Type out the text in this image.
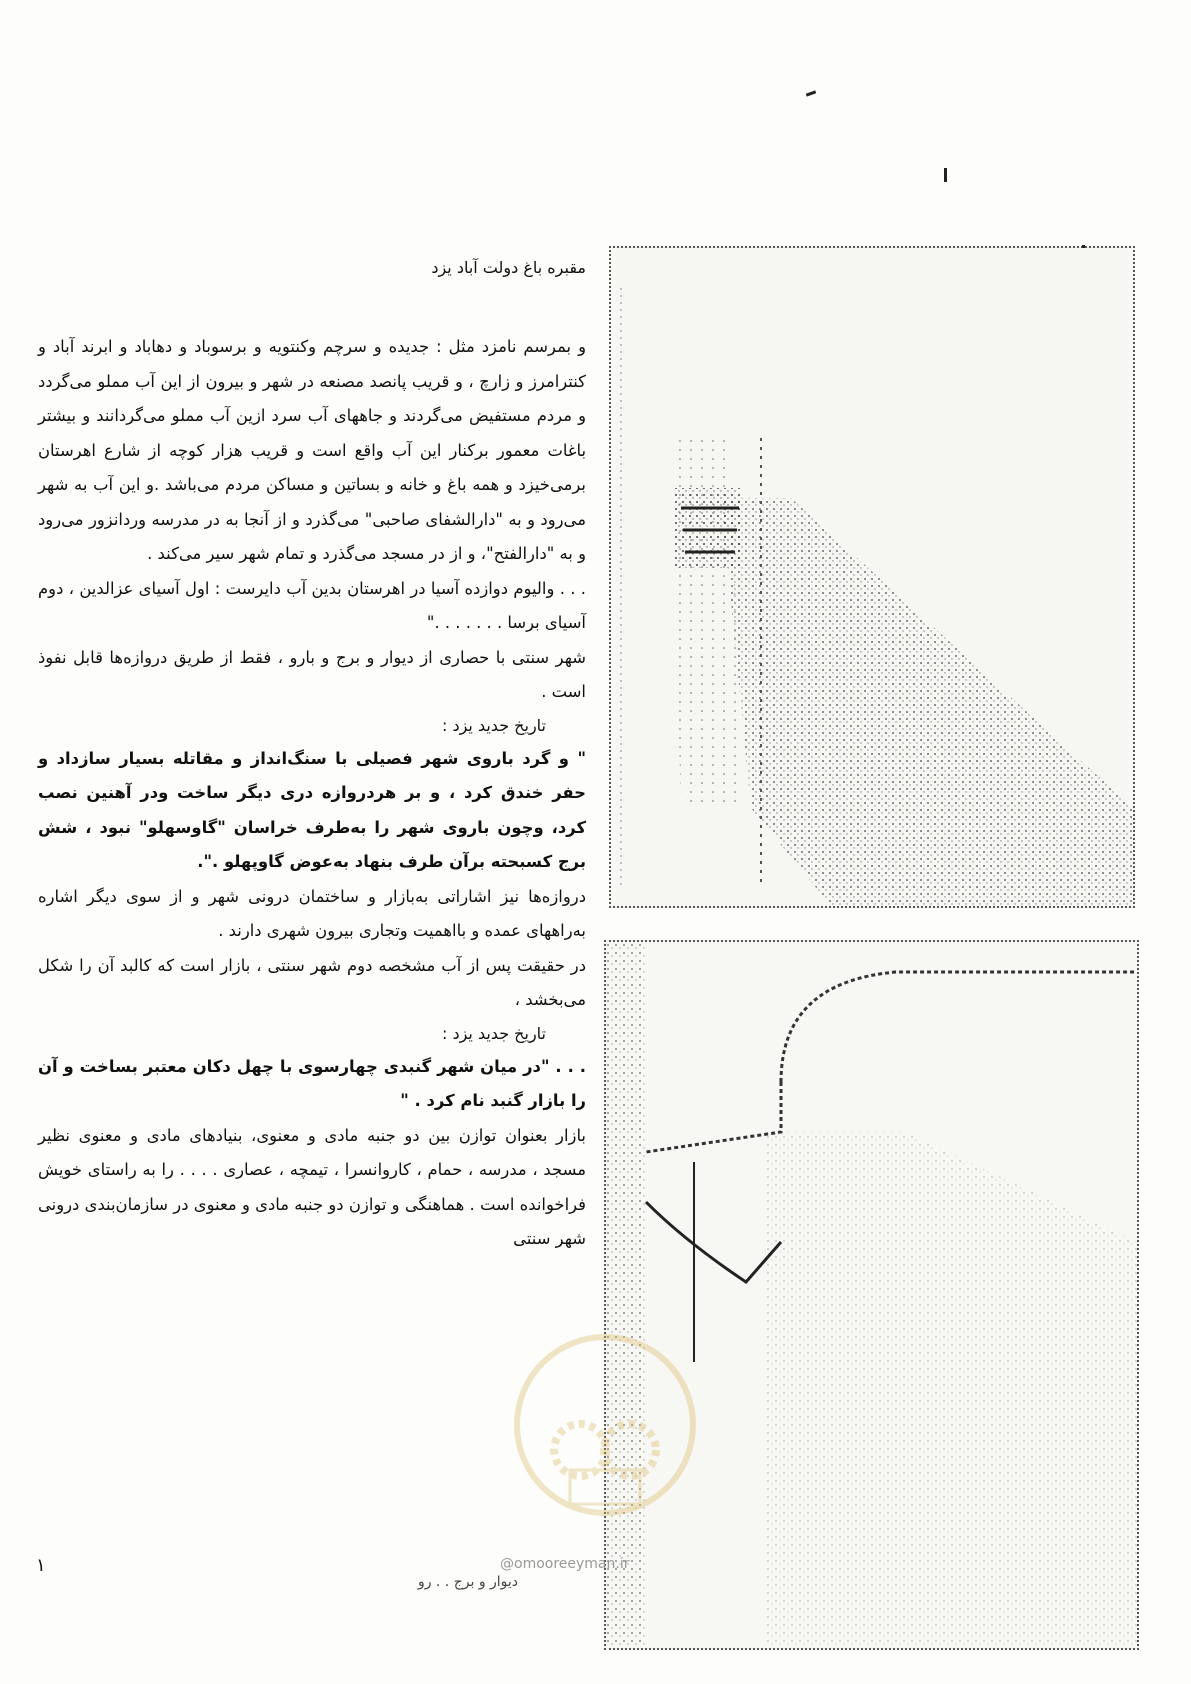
مقبره باغ دولت آباد یزد

و بمرسم نامزد مثل : جدیده و سرچم وکنتویه و برسوباد و دهاباد و ابرند آباد و کنترامرز و زارچ ، و قریب پانصد مصنعه در شهر و بیرون از این آب مملو می‌گردد و مردم مستفیض می‌گردند و جاههای آب سرد ازین آب مملو می‌گردانند و بیشتر باغات معمور برکنار این آب واقع است و قریب هزار کوچه از شارع اهرستان برمی‌خیزد و همه باغ و خانه و بساتین و مساکن مردم می‌باشد .و این آب به شهر می‌رود و به "دارالشفای صاحبی" می‌گذرد و از آنجا به در مدرسه وردانزور می‌رود و به "دارالفتح"، و از در مسجد می‌گذرد و تمام شهر سیر می‌کند .

. . . والیوم دوازده آسیا در اهرستان بدین آب دایرست : اول آسیای عزالدین ، دوم آسیای برسا . . . . . . ."

شهر سنتی با حصاری از دیوار و برج و بارو ، فقط از طریق دروازه‌ها قابل نفوذ است .

تاریخ جدید یزد :

" و گرد باروی شهر فصیلی با سنگ‌انداز و مقاتله بسیار سازداد و حفر خندق کرد ، و بر هردروازه دری دیگر ساخت ودر آهنین نصب کرد، وچون باروی شهر را به‌طرف خراسان "گاوسهلو" نبود ، شش برج کسبحته برآن طرف بنهاد به‌عوض گاوپهلو .".

دروازه‌ها نیز اشاراتی به‌بازار و ساختمان درونی شهر و از سوی دیگر اشاره به‌راههای عمده و بااهمیت وتجاری بیرون شهری دارند .

در حقیقت پس از آب مشخصه دوم شهر سنتی ، بازار است که کالبد آن را شکل می‌بخشد ،

تاریخ جدید یزد :

. . . "در میان شهر گنبدی چهارسوی با چهل دکان معتبر بساخت و آن را بازار گنبد نام کرد . "

بازار بعنوان توازن بین دو جنبه مادی و معنوی، بنیادهای مادی و معنوی نظیر مسجد ، مدرسه ، حمام ، کاروانسرا ، تیمچه ، عصاری . . . . را به راستای خویش فراخوانده است . هماهنگی و توازن دو جنبه مادی و معنوی در سازمان‌بندی درونی شهر سنتی

۱
دیوار و برج . . رو
@omooreeyman.ir
